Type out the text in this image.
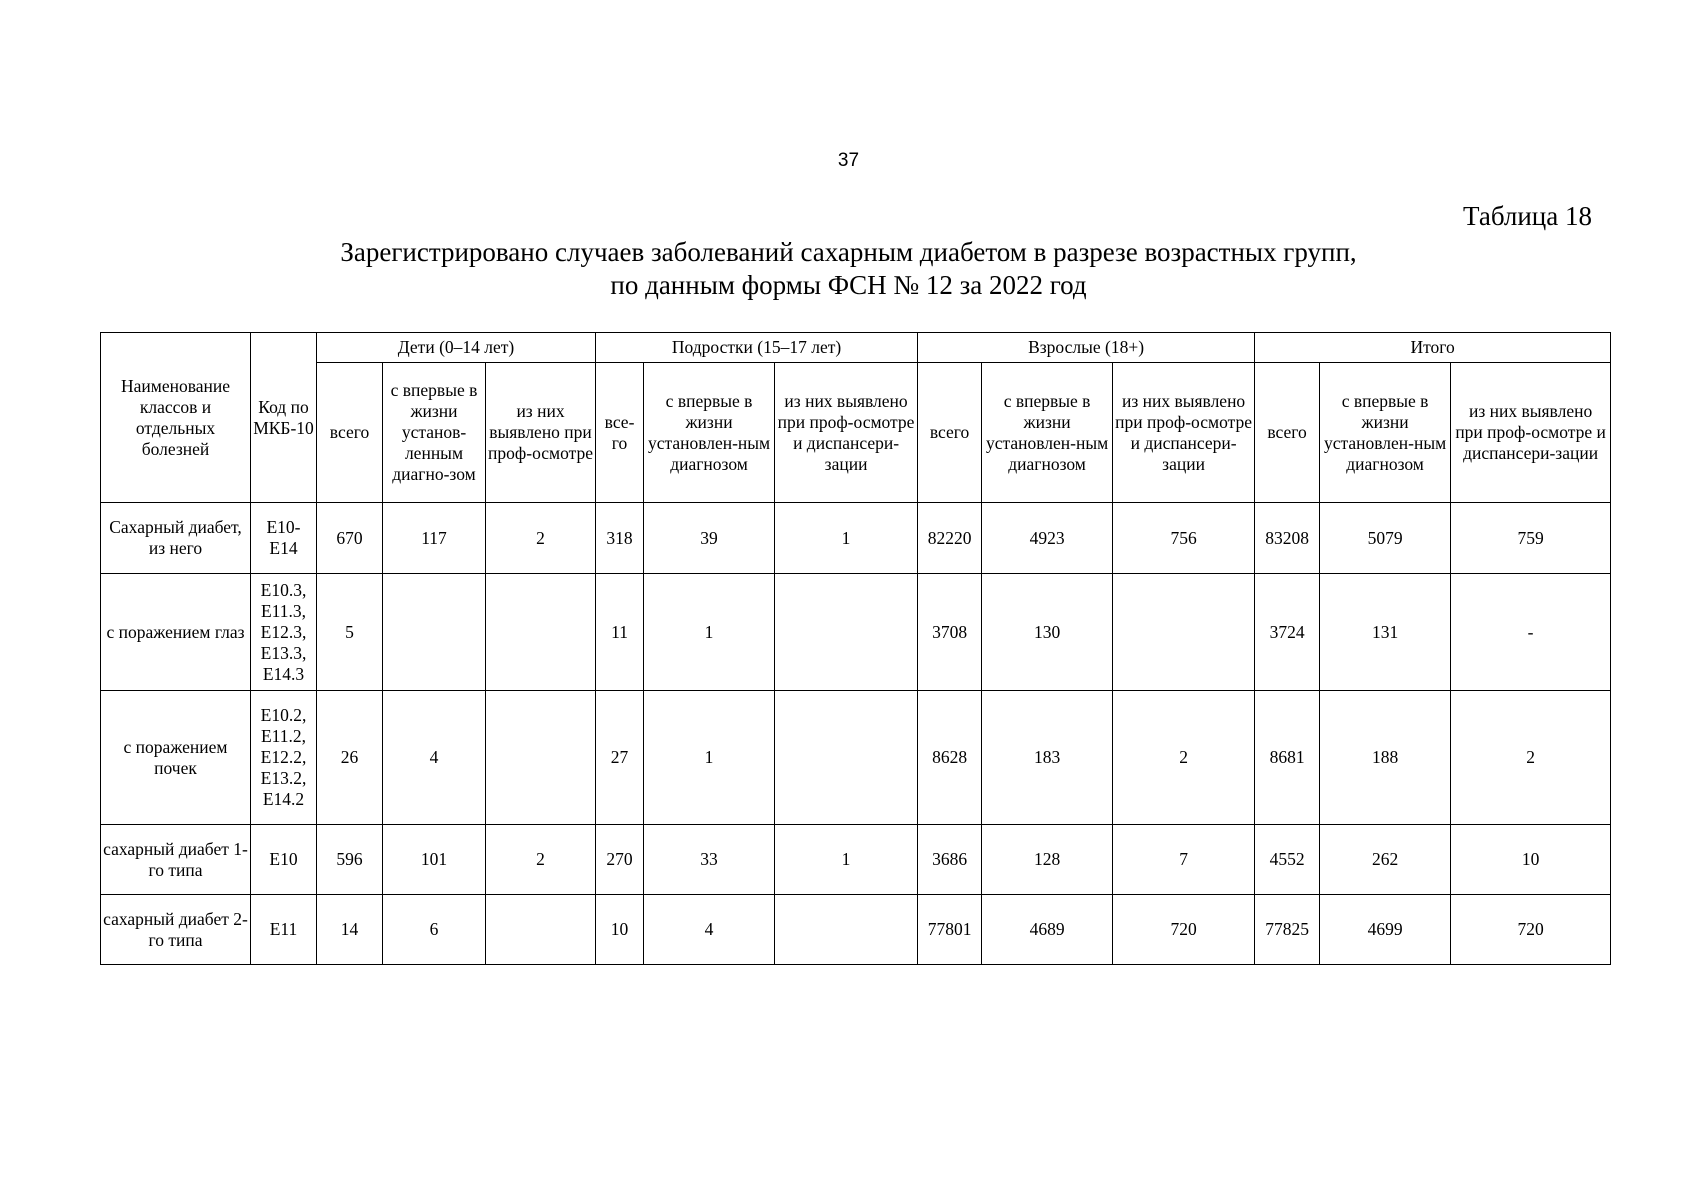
37
Таблица 18
Зарегистрировано случаев заболеваний сахарным диабетом в разрезе возрастных групп,
по данным формы ФСН № 12 за 2022 год
Наименование классов и отдельных болезней	Код по МКБ-10	Дети (0–14 лет)			Подростки (15–17 лет)			Взрослые (18+)			Итого		
		всего	с впервые в жизни установ-ленным диагно-зом	из них выявлено при проф-осмотре	все-го	с впервые в жизни установлен-ным диагнозом	из них выявлено при проф-осмотре и диспансери-зации	всего	с впервые в жизни установлен-ным диагнозом	из них выявлено при проф-осмотре и диспансери-зации	всего	с впервые в жизни установлен-ным диагнозом	из них выявлено при проф-осмотре и диспансери-зации
Сахарный диабет, из него	E10-E14	670	117	2	318	39	1	82220	4923	756	83208	5079	759
с поражением глаз	E10.3, E11.3, E12.3, E13.3, E14.3	5			11	1		3708	130		3724	131	-
с поражением почек	E10.2, E11.2, E12.2, E13.2, E14.2	26	4		27	1		8628	183	2	8681	188	2
сахарный диабет 1-го типа	E10	596	101	2	270	33	1	3686	128	7	4552	262	10
сахарный диабет 2-го типа	E11	14	6		10	4		77801	4689	720	77825	4699	720
